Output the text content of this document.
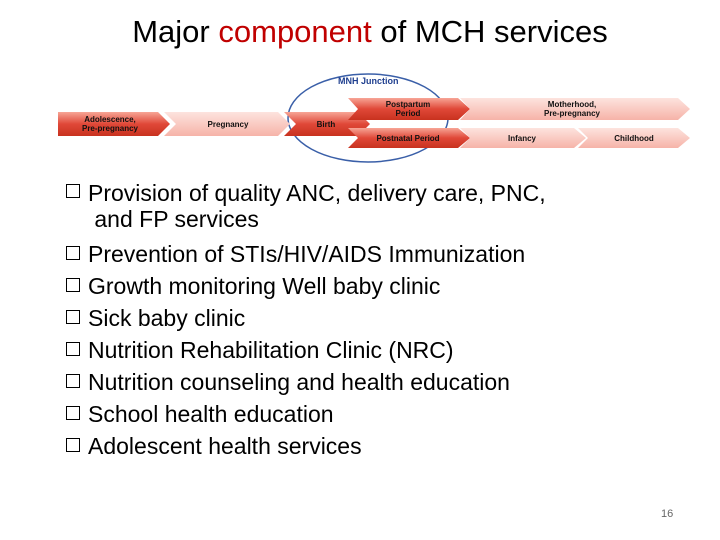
Major component of MCH services
MNH Junction
Adolescence,
Pre-pregnancy	Pregnancy	Birth
Postpartum
Period
Motherhood,
Pre-pregnancy
Postnatal Period	Infancy	Childhood
Provision of quality ANC, delivery care, PNC,
and FP services
Prevention of STIs/HIV/AIDS Immunization
Growth monitoring Well baby clinic
Sick baby clinic
Nutrition Rehabilitation Clinic (NRC)
Nutrition counseling and health education
School health education
Adolescent health services
16
